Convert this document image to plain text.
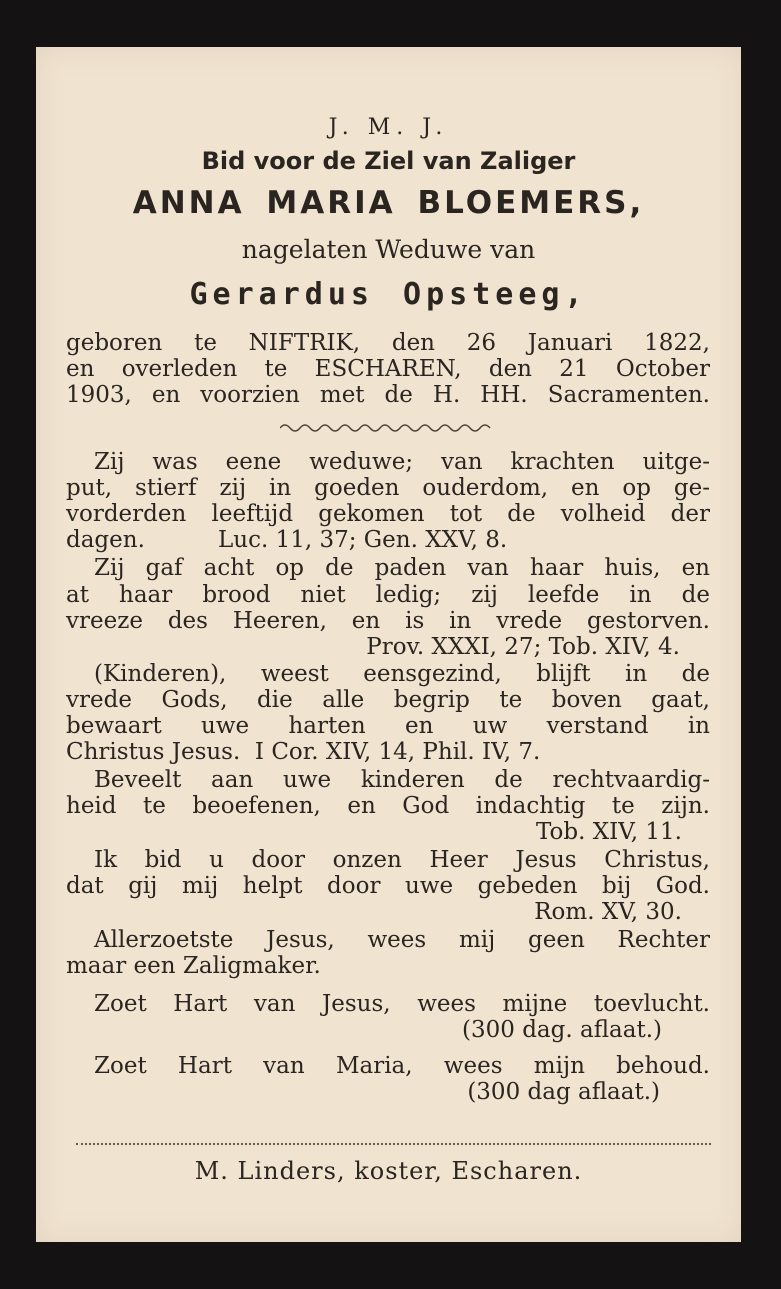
J. M. J.
Bid voor de Ziel van Zaliger
ANNA MARIA BLOEMERS,
nagelaten Weduwe van
Gerardus Opsteeg,
geboren te NIFTRIK, den 26 Januari 1822,
en overleden te ESCHAREN, den 21 October
1903, en voorzien met de H. HH. Sacramenten.
Zij was eene weduwe; van krachten uitge-
put, stierf zij in goeden ouderdom, en op ge-
vorderden leeftijd gekomen tot de volheid der
dagen.          Luc. 11, 37; Gen. XXV, 8.
Zij gaf acht op de paden van haar huis, en
at haar brood niet ledig; zij leefde in de
vreeze des Heeren, en is in vrede gestorven.
Prov. XXXI, 27; Tob. XIV, 4.
(Kinderen), weest eensgezind, blijft in de
vrede Gods, die alle begrip te boven gaat,
bewaart uwe harten en uw verstand in
Christus Jesus.  I Cor. XIV, 14, Phil. IV, 7.
Beveelt aan uwe kinderen de rechtvaardig-
heid te beoefenen, en God indachtig te zijn.
Tob. XIV, 11.
Ik bid u door onzen Heer Jesus Christus,
dat gij mij helpt door uwe gebeden bij God.
Rom. XV, 30.
Allerzoetste Jesus, wees mij geen Rechter
maar een Zaligmaker.
Zoet Hart van Jesus, wees mijne toevlucht.
(300 dag. aflaat.)
Zoet Hart van Maria, wees mijn behoud.
(300 dag aflaat.)
M. Linders, koster, Escharen.
